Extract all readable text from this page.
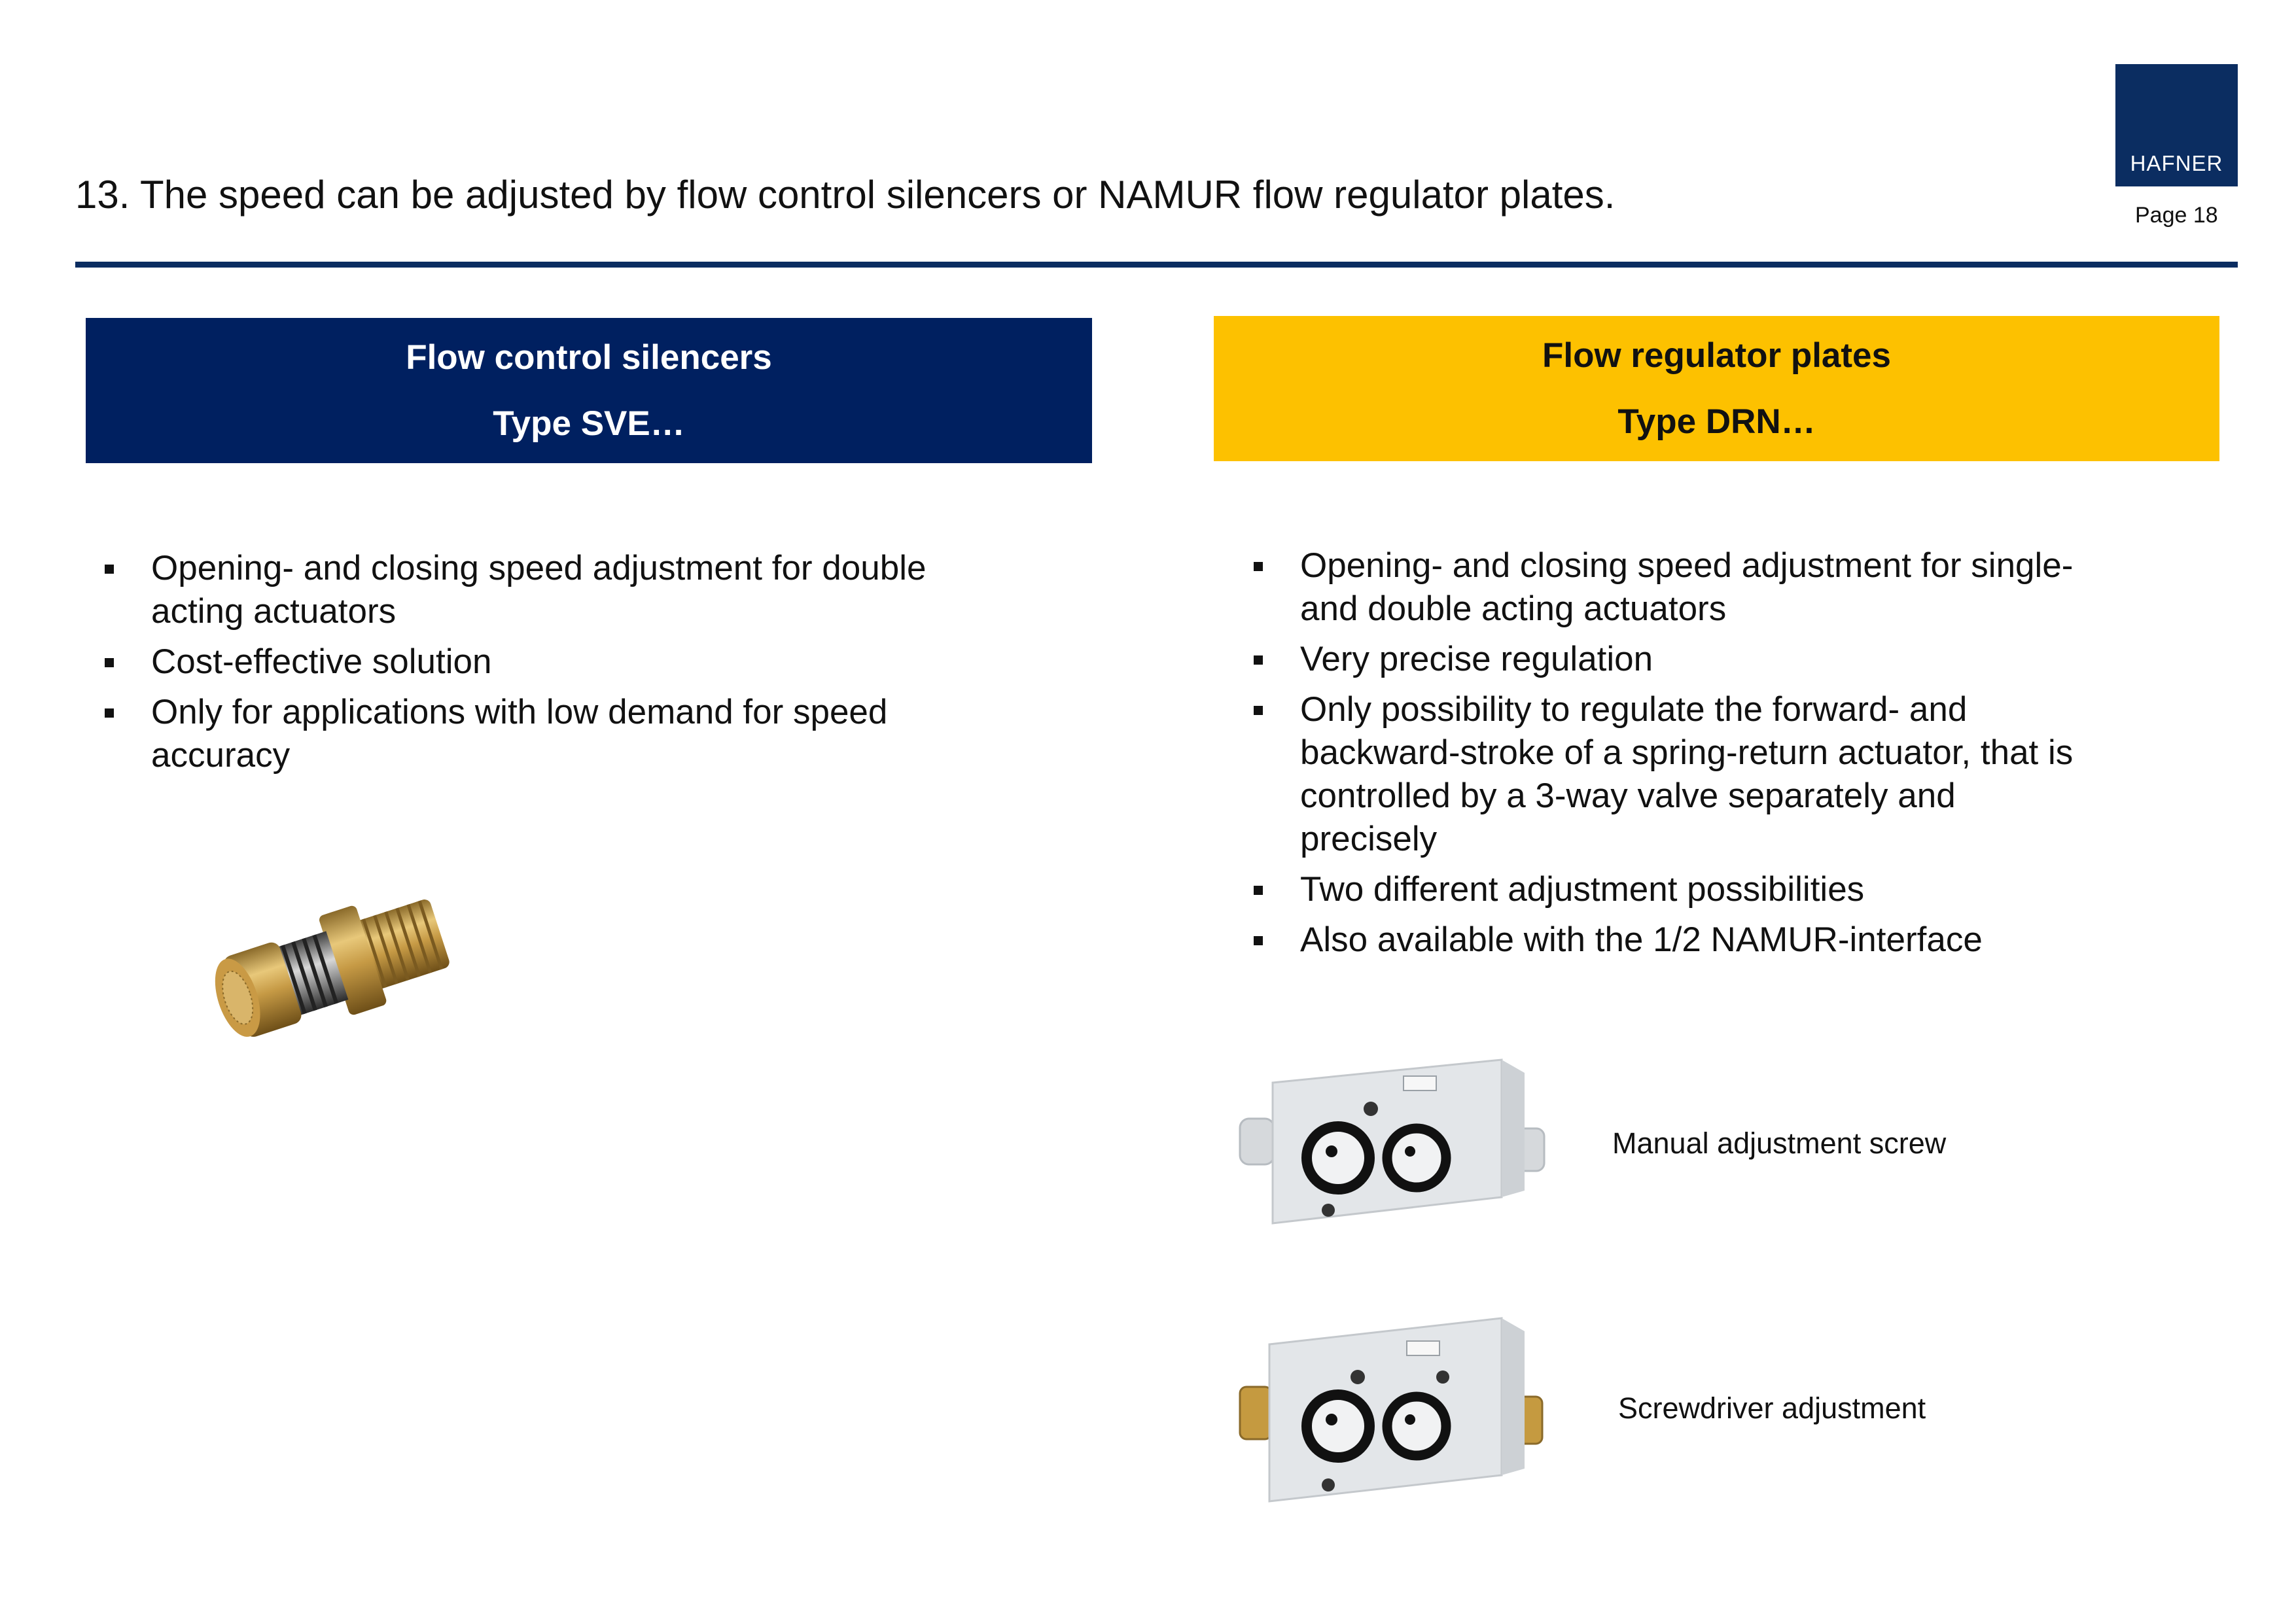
13. The speed can be adjusted by flow control silencers or NAMUR flow regulator plates.
HAFNER
Page 18
Flow control silencers
Type SVE…
Flow regulator plates
Type DRN…
Opening- and closing speed adjustment for double acting actuators
Cost-effective solution
Only for applications with low demand for speed accuracy
Opening- and closing speed adjustment for single- and double acting actuators
Very precise regulation
Only possibility to regulate the forward- and backward-stroke of a spring-return actuator, that is controlled by a 3-way valve separately and precisely
Two different adjustment possibilities
Also available with the 1/2 NAMUR-interface
Manual adjustment screw
Screwdriver adjustment
